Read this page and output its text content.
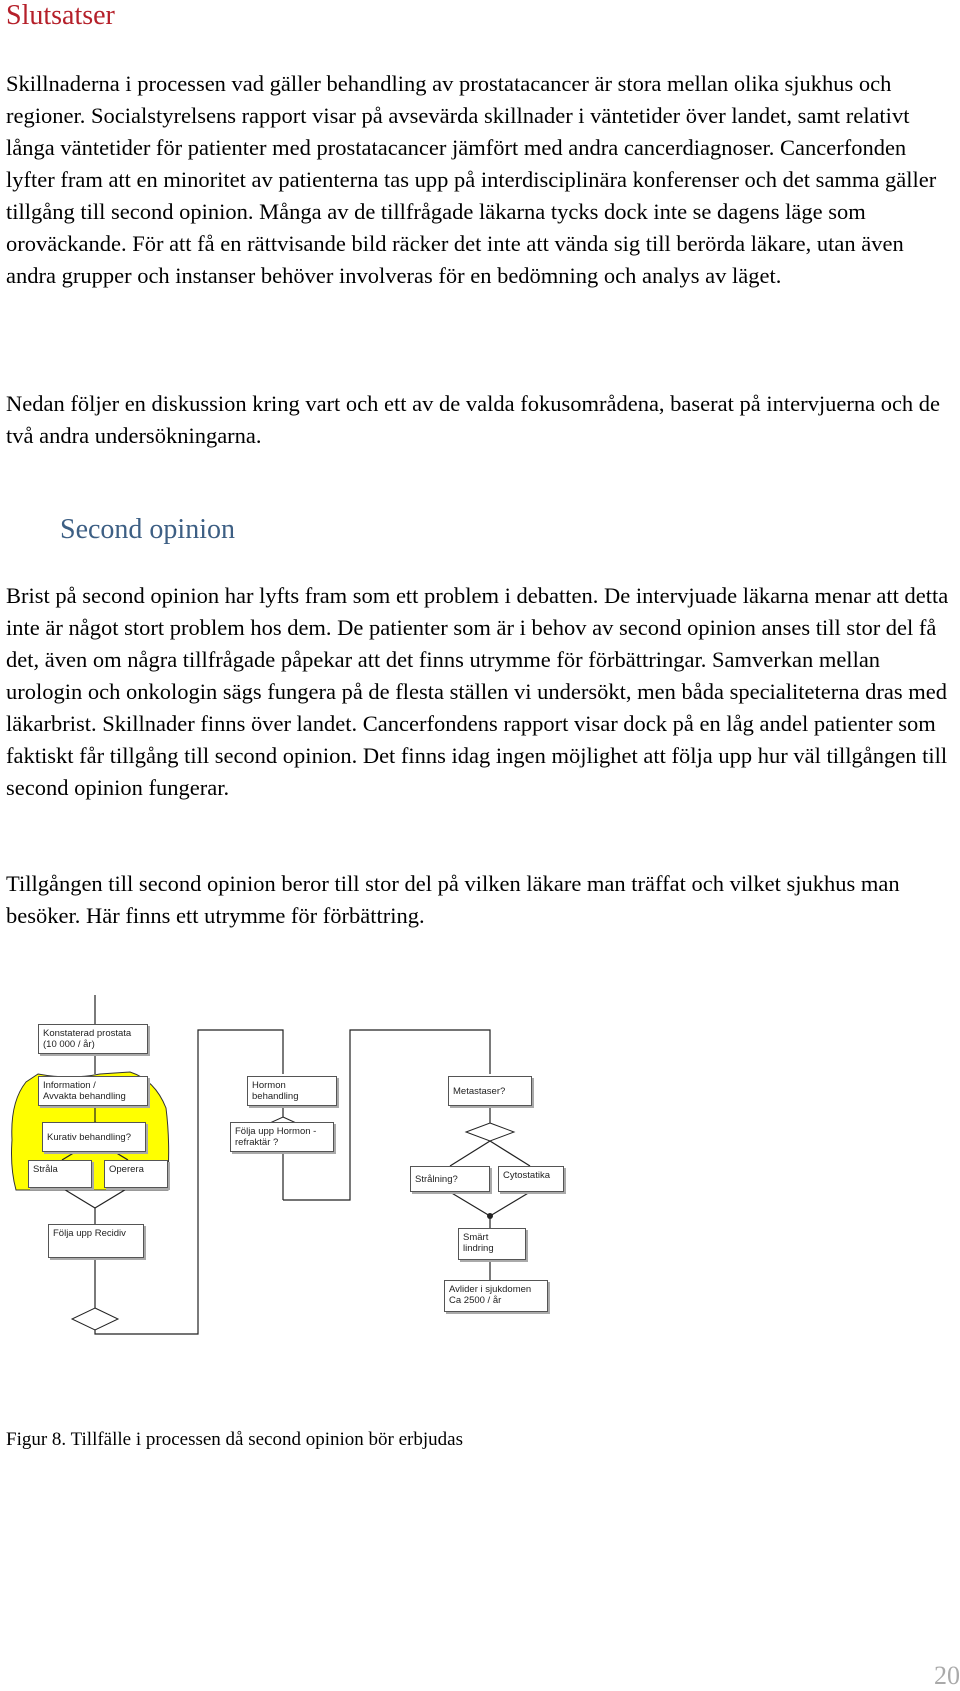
Slutsatser

Skillnaderna i processen vad gäller behandling av prostatacancer är stora mellan olika sjukhus och regioner. Socialstyrelsens rapport visar på avsevärda skillnader i väntetider över landet, samt relativt långa väntetider för patienter med prostatacancer jämfört med andra cancerdiagnoser. Cancerfonden lyfter fram att en minoritet av patienterna tas upp på interdisciplinära konferenser och det samma gäller tillgång till second opinion. Många av de tillfrågade läkarna tycks dock inte se dagens läge som oroväckande. För att få en rättvisande bild räcker det inte att vända sig till berörda läkare, utan även andra grupper och instanser behöver involveras för en bedömning och analys av läget.

Nedan följer en diskussion kring vart och ett av de valda fokusområdena, baserat på intervjuerna och de två andra undersökningarna.

Second opinion

Brist på second opinion har lyfts fram som ett problem i debatten. De intervjuade läkarna menar att detta inte är något stort problem hos dem. De patienter som är i behov av second opinion anses till stor del få det, även om några tillfrågade påpekar att det finns utrymme för förbättringar. Samverkan mellan urologin och onkologin sägs fungera på de flesta ställen vi undersökt, men båda specialiteterna dras med läkarbrist. Skillnader finns över landet. Cancerfondens rapport visar dock på en låg andel patienter som faktiskt får tillgång till second opinion. Det finns idag ingen möjlighet att följa upp hur väl tillgången till second opinion fungerar.

Tillgången till second opinion beror till stor del på vilken läkare man träffat och vilket sjukhus man besöker. Här finns ett utrymme för förbättring.

Konstaterad prostata
(10 000 / år)
Information /
Avvakta behandling
Hormon
behandling	Metastaser?
Kurativ behandling?
Följa upp Hormon -
refraktär ?
Stråla	Operera
Strålning?	Cytostatika
Följa upp Recidiv	Smärt
lindring
Avlider i sjukdomen
Ca 2500 / år

Figur 8. Tillfälle i processen då second opinion bör erbjudas

20
